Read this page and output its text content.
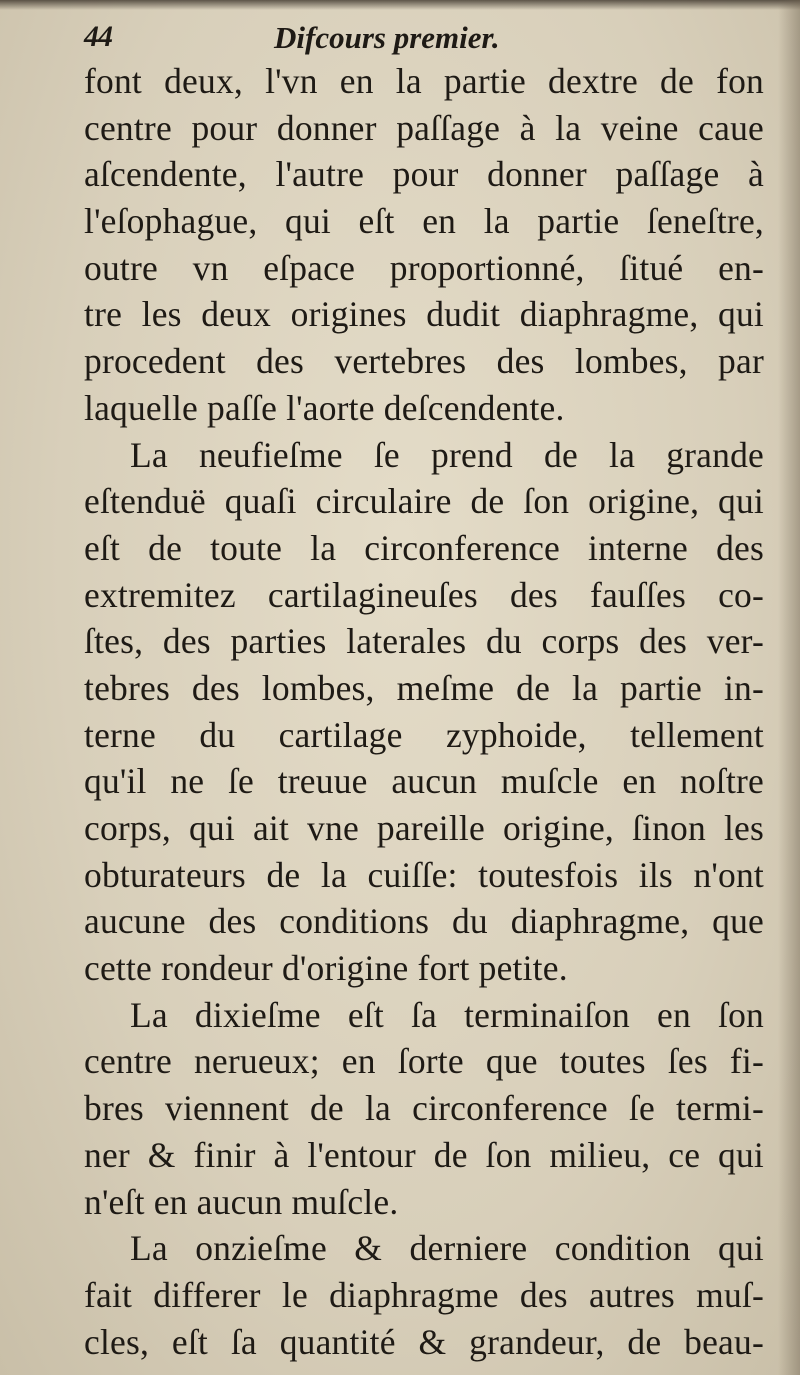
44	Difcours premier.
font deux, l'vn en la partie dextre de fon
centre pour donner paſſage à la veine caue
aſcendente, l'autre pour donner paſſage à
l'eſophague, qui eſt en la partie ſeneſtre,
outre vn eſpace proportionné, ſitué en-
tre les deux origines dudit diaphragme, qui
procedent des vertebres des lombes, par
laquelle paſſe l'aorte deſcendente.
La neufieſme ſe prend de la grande
eſtenduë quaſi circulaire de ſon origine, qui
eſt de toute la circonference interne des
extremitez cartilagineuſes des fauſſes co-
ſtes, des parties laterales du corps des ver-
tebres des lombes, meſme de la partie in-
terne du cartilage zyphoide, tellement
qu'il ne ſe treuue aucun muſcle en noſtre
corps, qui ait vne pareille origine, ſinon les
obturateurs de la cuiſſe: toutesfois ils n'ont
aucune des conditions du diaphragme, que
cette rondeur d'origine fort petite.
La dixieſme eſt ſa terminaiſon en ſon
centre nerueux; en ſorte que toutes ſes fi-
bres viennent de la circonference ſe termi-
ner & finir à l'entour de ſon milieu, ce qui
n'eſt en aucun muſcle.
La onzieſme & derniere condition qui
fait differer le diaphragme des autres muſ-
cles, eſt ſa quantité & grandeur, de beau-
